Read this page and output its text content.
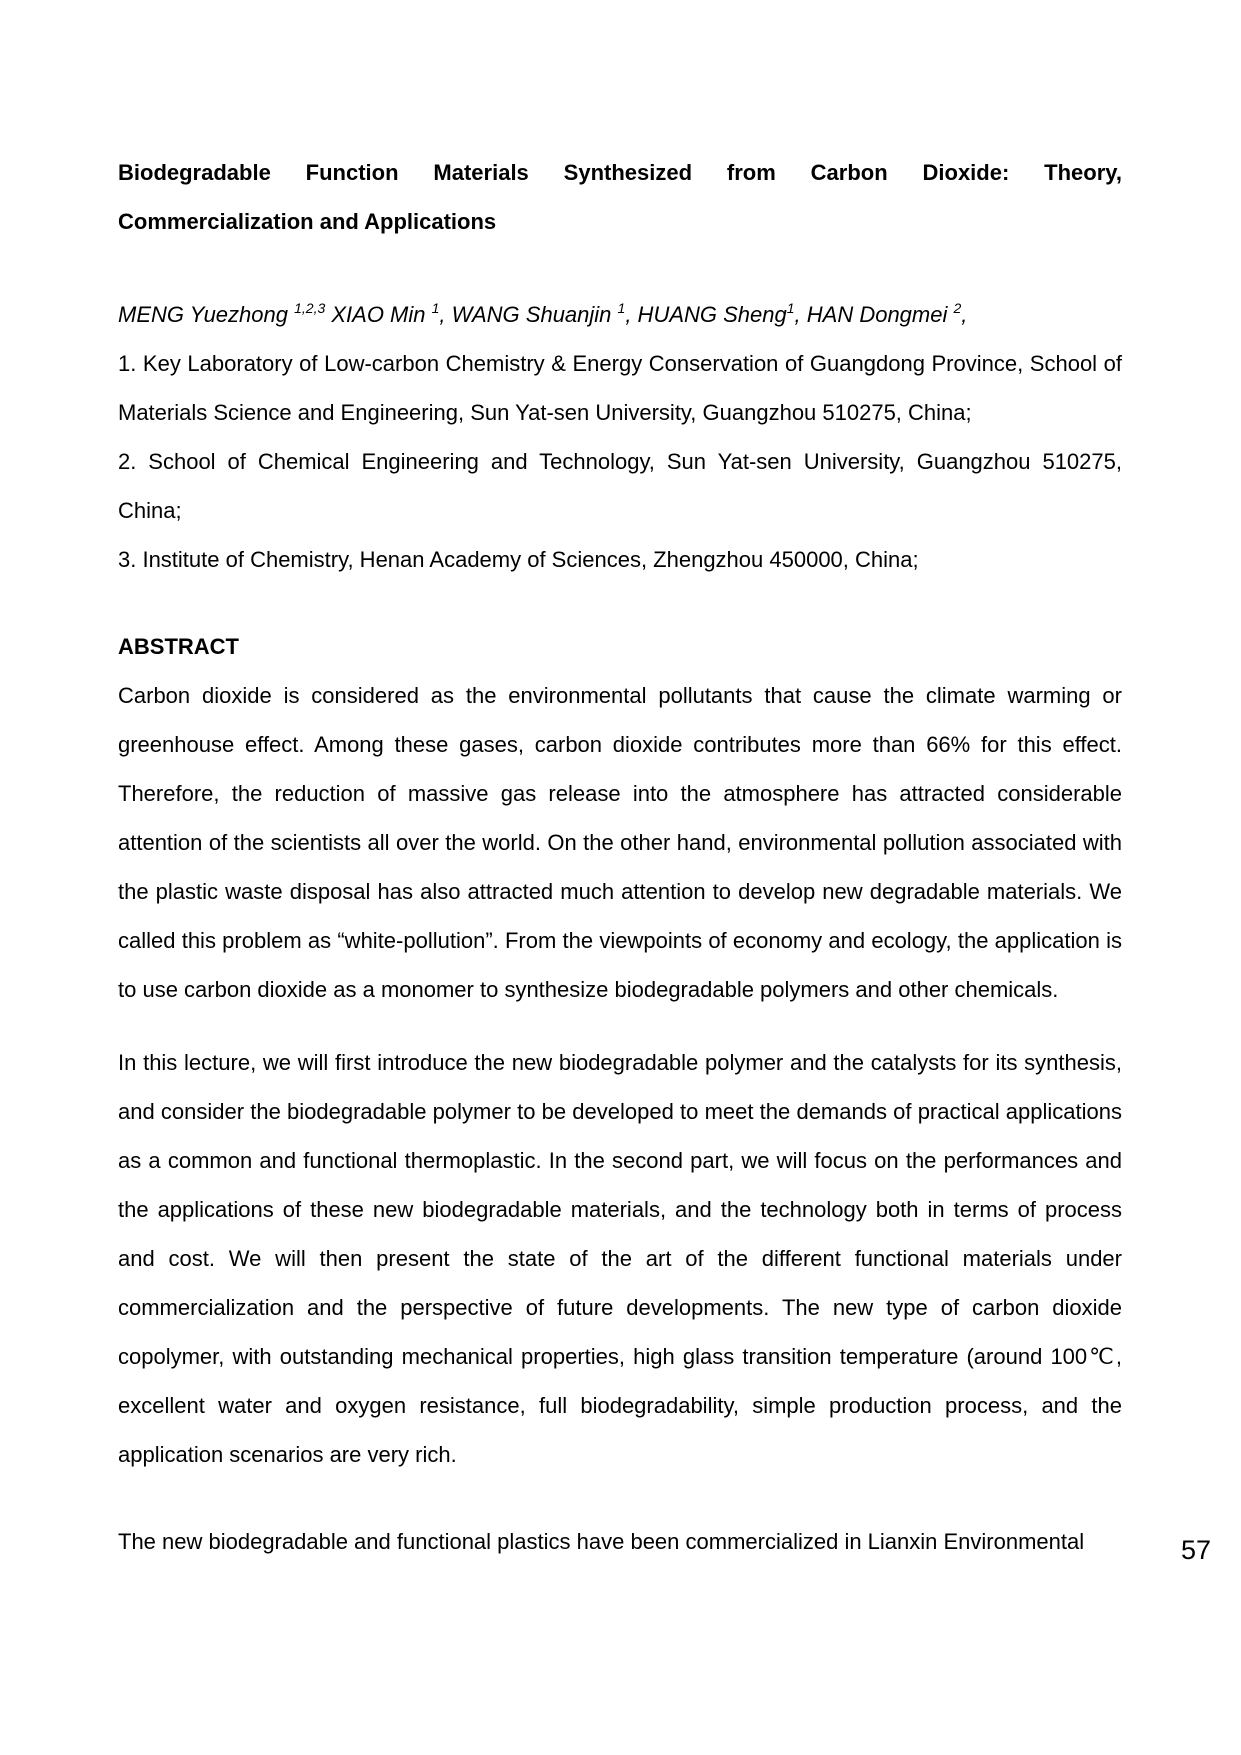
Biodegradable Function Materials Synthesized from Carbon Dioxide: Theory, Commercialization and Applications

MENG Yuezhong $^{1,2,3}$ XIAO Min $^1$, WANG Shuanjin $^1$, HUANG Sheng$^1$, HAN Dongmei $^2$,

1. Key Laboratory of Low-carbon Chemistry & Energy Conservation of Guangdong Province, School of Materials Science and Engineering, Sun Yat-sen University, Guangzhou 510275, China;

2. School of Chemical Engineering and Technology, Sun Yat-sen University, Guangzhou 510275, China;

3. Institute of Chemistry, Henan Academy of Sciences, Zhengzhou 450000, China;

ABSTRACT

Carbon dioxide is considered as the environmental pollutants that cause the climate warming or greenhouse effect. Among these gases, carbon dioxide contributes more than 66% for this effect. Therefore, the reduction of massive gas release into the atmosphere has attracted considerable attention of the scientists all over the world. On the other hand, environmental pollution associated with the plastic waste disposal has also attracted much attention to develop new degradable materials. We called this problem as “white-pollution”. From the viewpoints of economy and ecology, the application is to use carbon dioxide as a monomer to synthesize biodegradable polymers and other chemicals.

In this lecture, we will first introduce the new biodegradable polymer and the catalysts for its synthesis, and consider the biodegradable polymer to be developed to meet the demands of practical applications as a common and functional thermoplastic. In the second part, we will focus on the performances and the applications of these new biodegradable materials, and the technology both in terms of process and cost. We will then present the state of the art of the different functional materials under commercialization and the perspective of future developments. The new type of carbon dioxide copolymer, with outstanding mechanical properties, high glass transition temperature (around 100℃, excellent water and oxygen resistance, full biodegradability, simple production process, and the application scenarios are very rich.

The new biodegradable and functional plastics have been commercialized in Lianxin Environmental	57
